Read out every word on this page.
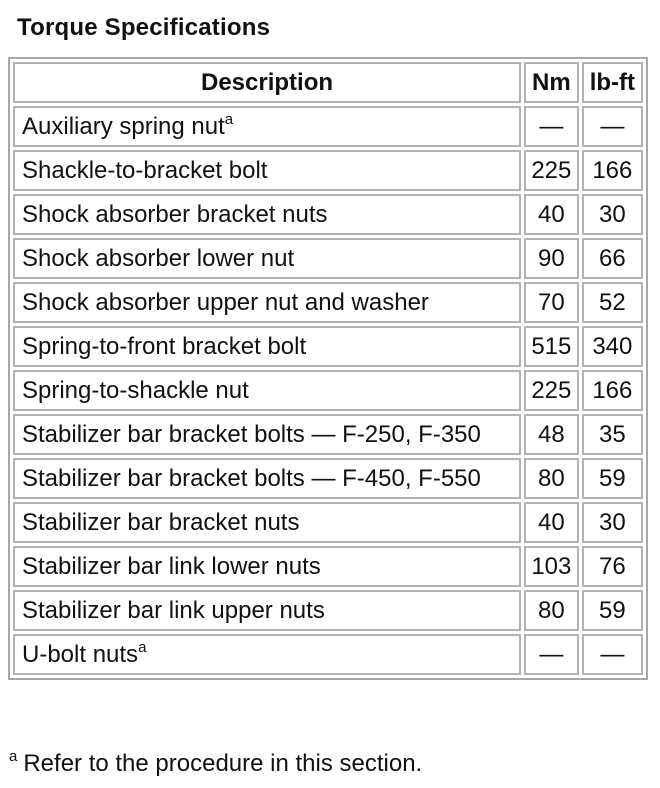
Torque Specifications
Description	Nm	lb-ft
Auxiliary spring nut$^a$	—	—
Shackle-to-bracket bolt	225	166
Shock absorber bracket nuts	40	30
Shock absorber lower nut	90	66
Shock absorber upper nut and washer	70	52
Spring-to-front bracket bolt	515	340
Spring-to-shackle nut	225	166
Stabilizer bar bracket bolts — F-250, F-350	48	35
Stabilizer bar bracket bolts — F-450, F-550	80	59
Stabilizer bar bracket nuts	40	30
Stabilizer bar link lower nuts	103	76
Stabilizer bar link upper nuts	80	59
U-bolt nuts$^a$	—	—
$^a$ Refer to the procedure in this section.
